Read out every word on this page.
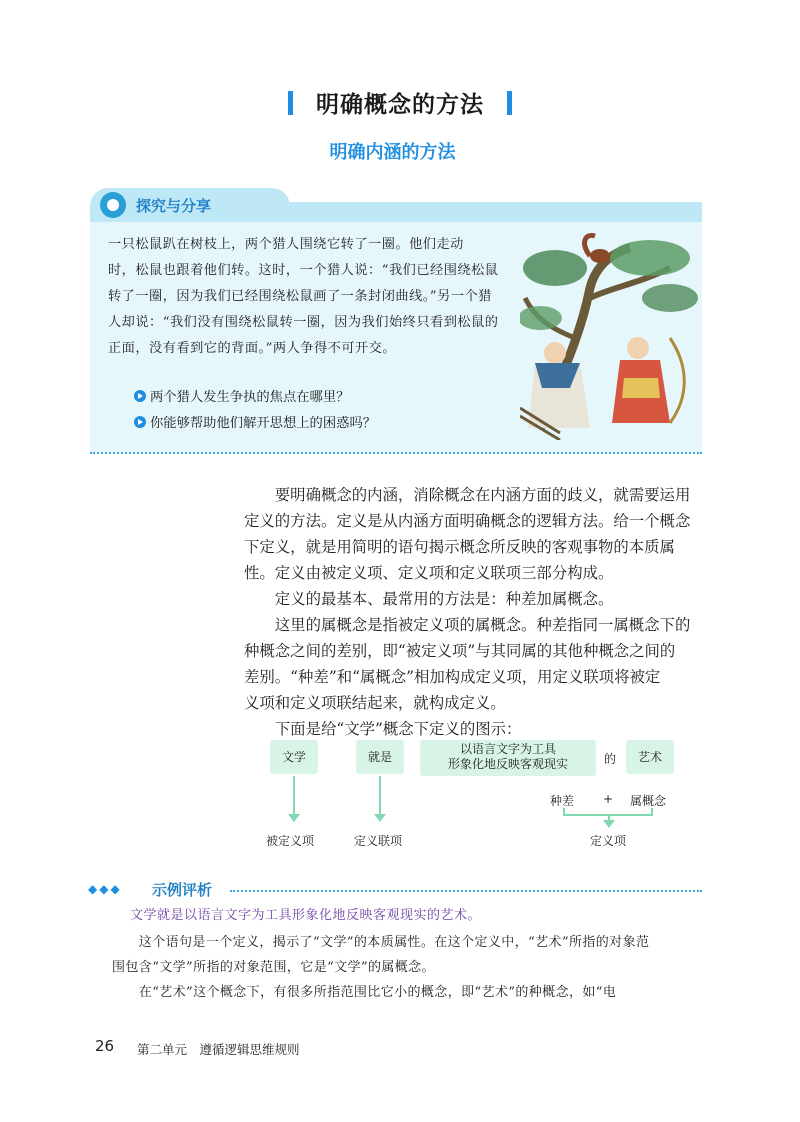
明确概念的方法
明确内涵的方法
探究与分享
一只松鼠趴在树枝上，两个猎人围绕它转了一圈。他们走动
时，松鼠也跟着他们转。这时，一个猎人说：“我们已经围绕松鼠
转了一圈，因为我们已经围绕松鼠画了一条封闭曲线。”另一个猎
人却说：“我们没有围绕松鼠转一圈，因为我们始终只看到松鼠的
正面，没有看到它的背面。”两人争得不可开交。
两个猎人发生争执的焦点在哪里？
你能够帮助他们解开思想上的困惑吗？
　　要明确概念的内涵，消除概念在内涵方面的歧义，就需要运用
定义的方法。定义是从内涵方面明确概念的逻辑方法。给一个概念
下定义，就是用简明的语句揭示概念所反映的客观事物的本质属
性。定义由被定义项、定义项和定义联项三部分构成。
　　定义的最基本、最常用的方法是：种差加属概念。
　　这里的属概念是指被定义项的属概念。种差指同一属概念下的
种概念之间的差别，即“被定义项”与其同属的其他种概念之间的
差别。“种差”和“属概念”相加构成定义项，用定义联项将被定
义项和定义项联结起来，就构成定义。
　　下面是给“文学”概念下定义的图示：
文学	就是
以语言文字为工具
形象化地反映客观现实	的	艺术
种差 + 属概念
被定义项	定义联项	定义项
◆◆◆ 示例评析
文学就是以语言文字为工具形象化地反映客观现实的艺术。
　　这个语句是一个定义，揭示了“文学”的本质属性。在这个定义中，“艺术”所指的对象范
围包含“文学”所指的对象范围，它是“文学”的属概念。
　　在“艺术”这个概念下，有很多所指范围比它小的概念，即“艺术”的种概念，如“电
26 第二单元　遵循逻辑思维规则
